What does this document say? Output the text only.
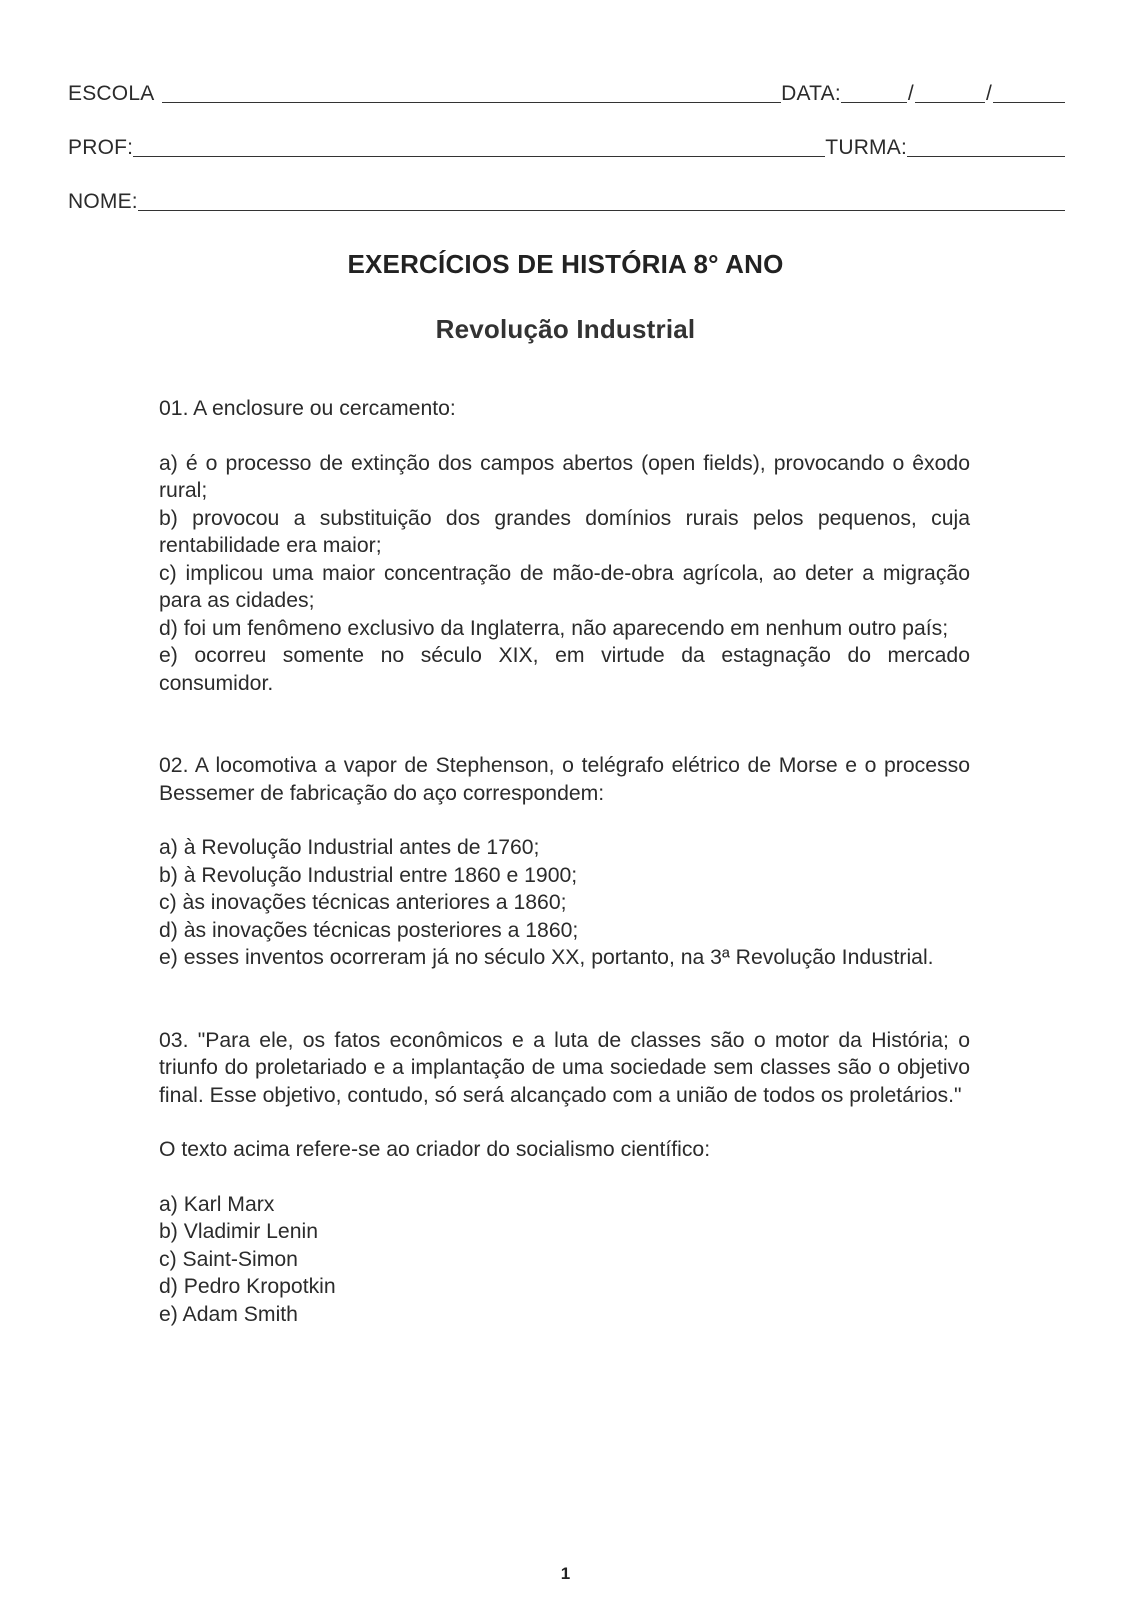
ESCOLA	DATA:	/	/
PROF:	TURMA:
NOME:
EXERCÍCIOS DE HISTÓRIA 8° ANO
Revolução Industrial

01. A enclosure ou cercamento:

a) é o processo de extinção dos campos abertos (open fields), provocando o êxodo rural;

b) provocou a substituição dos grandes domínios rurais pelos pequenos, cuja rentabilidade era maior;

c) implicou uma maior concentração de mão-de-obra agrícola, ao deter a migração para as cidades;

d) foi um fenômeno exclusivo da Inglaterra, não aparecendo em nenhum outro país;

e) ocorreu somente no século XIX, em virtude da estagnação do mercado consumidor.

02. A locomotiva a vapor de Stephenson, o telégrafo elétrico de Morse e o processo Bessemer de fabricação do aço correspondem:

a) à Revolução Industrial antes de 1760;

b) à Revolução Industrial entre 1860 e 1900;

c) às inovações técnicas anteriores a 1860;

d) às inovações técnicas posteriores a 1860;

e) esses inventos ocorreram já no século XX, portanto, na 3ª Revolução Industrial.

03. "Para ele, os fatos econômicos e a luta de classes são o motor da História; o triunfo do proletariado e a implantação de uma sociedade sem classes são o objetivo final. Esse objetivo, contudo, só será alcançado com a união de todos os proletários."

O texto acima refere-se ao criador do socialismo científico:

a) Karl Marx

b) Vladimir Lenin

c) Saint-Simon

d) Pedro Kropotkin

e) Adam Smith

1
